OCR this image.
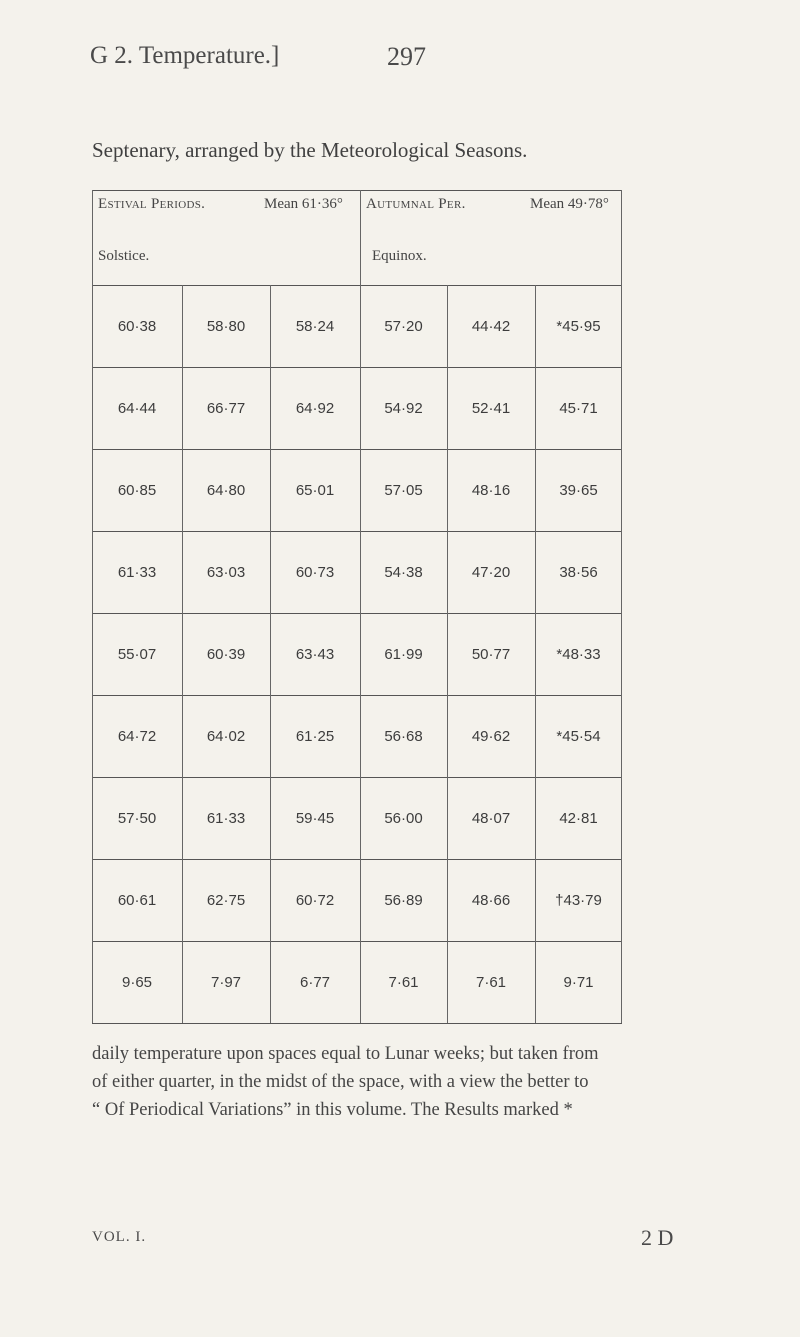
G 2. Temperature.]	297
Septenary, arranged by the Meteorological Seasons.
Estival Periods.	Mean 61·36°
Solstice.
Autumnal Per.	Mean 49·78°
Equinox.
60·38	58·80	58·24	57·20	44·42	*45·95
64·44	66·77	64·92	54·92	52·41	45·71
60·85	64·80	65·01	57·05	48·16	39·65
61·33	63·03	60·73	54·38	47·20	38·56
55·07	60·39	63·43	61·99	50·77	*48·33
64·72	64·02	61·25	56·68	49·62	*45·54
57·50	61·33	59·45	56·00	48·07	42·81
60·61	62·75	60·72	56·89	48·66	†43·79
9·65	7·97	6·77	7·61	7·61	9·71
daily temperature upon spaces equal to Lunar weeks; but taken from
of either quarter, in the midst of the space, with a view the better to
“ Of Periodical Variations” in this volume. The Results marked *
VOL. I.	2 D
